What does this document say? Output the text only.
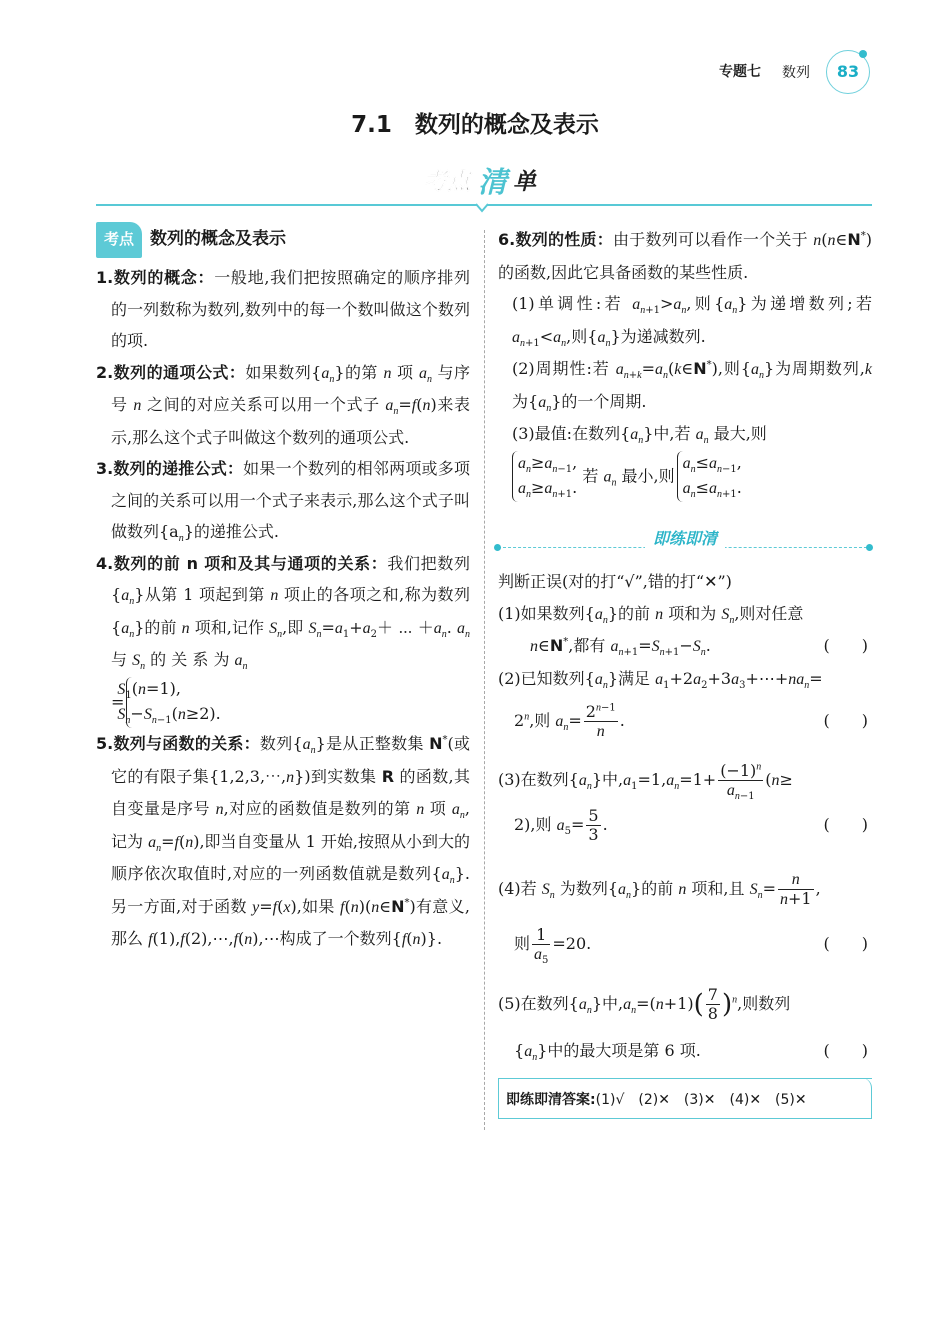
专题七 数列	83
7.1　数列的概念及表示
考点 清 单
考点 数列的概念及表示

1.数列的概念：一般地,我们把按照确定的顺序排列的一列数称为数列,数列中的每一个数叫做这个数列的项.

2.数列的通项公式：如果数列$\{a_n\}$的第 n 项 $a_n$ 与序号 n 之间的对应关系可以用一个式子 $a_n=f(n)$来表示,那么这个式子叫做这个数列的通项公式.

3.数列的递推公式：如果一个数列的相邻两项或多项之间的关系可以用一个式子来表示,那么这个式子叫做数列$\{a_n\}$的递推公式.

4.数列的前 n 项和及其与通项的关系：我们把数列$\{a_n\}$从第 1 项起到第 n 项止的各项之和,称为数列$\{a_n\}$的前 n 项和,记作 $S_n$,即 $S_n=a_1+a_2+$ ⋯ $+a_n$. $a_n$ 与 $S_n$ 的 关 系 为 $a_n$
=
$S_1(n=1)$,
$S_n-S_{n-1}(n\ge 2)$.

5.数列与函数的关系：数列$\{a_n\}$是从正整数集 N*(或它的有限子集{1,2,3,⋯,n})到实数集 R 的函数,其自变量是序号 n,对应的函数值是数列的第 n 项 $a_n$,记为 $a_n=f(n)$,即当自变量从 1 开始,按照从小到大的顺序依次取值时,对应的一列函数值就是数列$\{a_n\}$.另一方面,对于函数 y=f(x),如果 f(n)(n∈N*)有意义,那么 f(1),f(2),⋯,f(n),⋯构成了一个数列{f(n)}.

6.数列的性质：由于数列可以看作一个关于 n(n∈N*)的函数,因此它具备函数的某些性质.

(1)单调性:若 $a_{n+1}>a_n$,则$\{a_n\}$为递增数列;若 $a_{n+1}<a_n$,则$\{a_n\}$为递减数列.

(2)周期性:若 $a_{n+k}=a_n(k\in N^*)$,则$\{a_n\}$为周期数列,k 为$\{a_n\}$的一个周期.

(3)最值:在数列$\{a_n\}$中,若 $a_n$ 最大,则

$a_n\ge a_{n-1}$,
$a_n\ge a_{n+1}$.
若 $a_n$ 最小,则
$a_n\le a_{n-1}$,
$a_n\le a_{n+1}$.

即练即清

判断正误(对的打“√”,错的打“✕”)

(1)如果数列$\{a_n\}$的前 n 项和为 $S_n$,则对任意
　　n∈N*,都有 $a_{n+1}=S_{n+1}-S_n$.	(　　)
(2)已知数列$\{a_n\}$满足 $a_1+2a_2+3a_3+\cdots+na_n=$

　2$^n$,则 $a_n= \frac{2^{n-1}}{n}$ .	(　　)
(3)在数列$\{a_n\}$中$,a_1=1,a_n=1+ \frac{(-1)^n}{a_{n-1}} (n\ge$
　2),则 $a_5= \frac{5}{3}$ .	(　　)
(4)若 $S_n$ 为数列$\{a_n\}$的前 n 项和,且 $S_n= \frac{n}{n+1}$ ,
　则 $\frac{1}{a_5} =20$.	(　　)
(5)在数列$\{a_n\}$中$,a_n=(n+1)( \frac{7}{8} )^n$,则数列
　$\{a_n\}$中的最大项是第 6 项.	(　　)
即练即清答案:(1)√　(2)✕　(3)✕　(4)✕　(5)✕
